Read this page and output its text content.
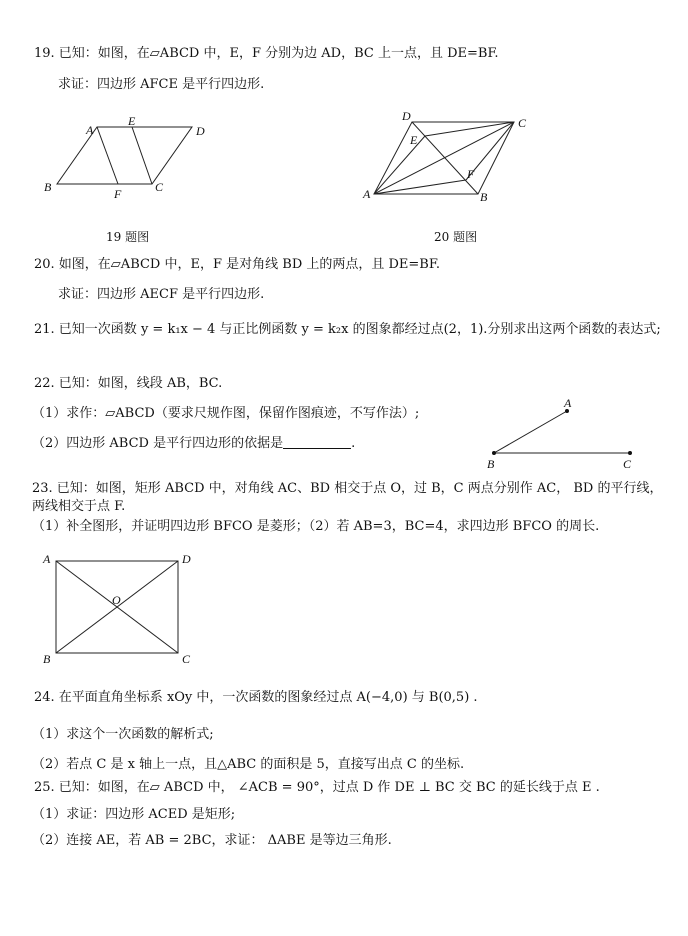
19. 已知：如图，在▱ABCD 中，E，F 分别为边 AD，BC 上一点，且 DE=BF.
求证：四边形 AFCE 是平行四边形.
A
E
D
B	F	C
D	C
E
F
A	B
19 题图	20 题图
20. 如图，在▱ABCD 中，E，F 是对角线 BD 上的两点，且 DE=BF.
求证：四边形 AECF 是平行四边形.
21. 已知一次函数 y = k₁x − 4 与正比例函数 y = k₂x 的图象都经过点(2，1).分别求出这两个函数的表达式;
22. 已知：如图，线段 AB，BC.
（1）求作：▱ABCD（要求尺规作图，保留作图痕迹，不写作法）;
（2）四边形 ABCD 是平行四边形的依据是	.
A
B	C
23. 已知：如图，矩形 ABCD 中，对角线 AC、BD 相交于点 O，过 B，C 两点分别作 AC， BD 的平行线，
两线相交于点 F.
（1）补全图形，并证明四边形 BFCO 是菱形；（2）若 AB=3，BC=4，求四边形 BFCO 的周长.
A	D
O
B	C
24. 在平面直角坐标系 xOy 中，一次函数的图象经过点 A(−4,0) 与 B(0,5) .
（1）求这个一次函数的解析式;
（2）若点 C 是 x 轴上一点，且△ABC 的面积是 5，直接写出点 C 的坐标.
25. 已知：如图，在▱ ABCD 中， ∠ACB = 90°，过点 D 作 DE ⊥ BC 交 BC 的延长线于点 E .
（1）求证：四边形 ACED 是矩形;
（2）连接 AE，若 AB = 2BC，求证： ΔABE 是等边三角形.
